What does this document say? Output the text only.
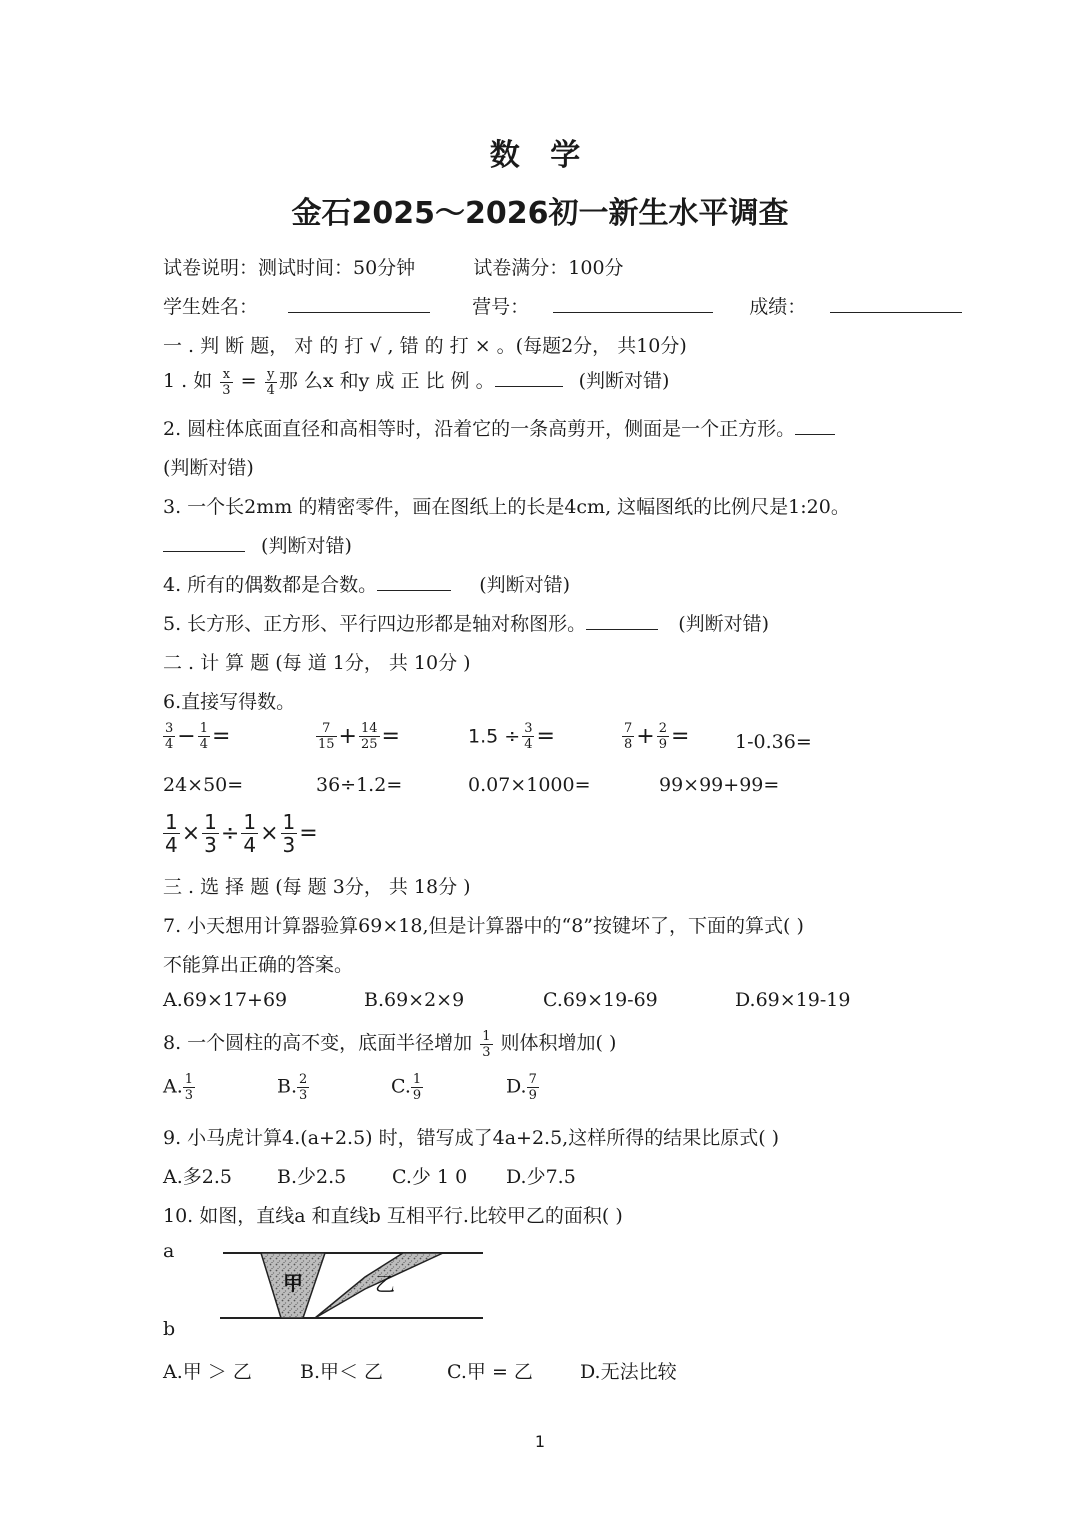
数 学
金石2025～2026初一新生水平调查
试卷说明：测试时间：50分钟	试卷满分：100分
学生姓名：	营号：	成绩：
一 . 判 断 题， 对 的 打 √ , 错 的 打 × 。(每题2分， 共10分)
1 . 如 $\frac{x}{3} = \frac{y}{4}$ 那 么x 和y 成 正 比 例 。	(判断对错)
2. 圆柱体底面直径和高相等时，沿着它的一条高剪开，侧面是一个正方形。
(判断对错)
3. 一个长2mm 的精密零件，画在图纸上的长是4cm, 这幅图纸的比例尺是1:20。
(判断对错)
4. 所有的偶数都是合数。	(判断对错)
5. 长方形、正方形、平行四边形都是轴对称图形。	(判断对错)
二 . 计 算 题 (每 道 1分， 共 10分 )
6.直接写得数。
$\frac{3}{4} - \frac{1}{4}$ =	$\frac{7}{15} + \frac{14}{25}$ =	$1.5 \div \frac{3}{4}$ =	$\frac{7}{8} + \frac{2}{9} = 1-0.36=$
24×50=	36÷1.2=	0.07×1000=	99×99+99=
$\frac{1}{4} \times \frac{1}{3} \div \frac{1}{4} \times \frac{1}{3}$ =
三 . 选 择 题 (每 题 3分， 共 18分 )
7. 小天想用计算器验算69×18,但是计算器中的“8”按键坏了，下面的算式( )
不能算出正确的答案。
A.69×17+69	B.69×2×9	C.69×19-69	D.69×19-19
8. 一个圆柱的高不变，底面半径增加 $\frac{1}{3}$ 则体积增加( )
A. $\frac{1}{3}$	B. $\frac{2}{3}$	C. $\frac{1}{9}$	D. $\frac{7}{9}$
9. 小马虎计算4.(a+2.5) 时，错写成了4a+2.5,这样所得的结果比原式( )
A.多2.5 B.少2.5 C.少 1 0 D.少7.5
10. 如图，直线a 和直线b 互相平行.比较甲乙的面积( )
a
b
甲	乙
A.甲 ＞ 乙	B.甲＜ 乙	C.甲 = 乙 D.无法比较
1
